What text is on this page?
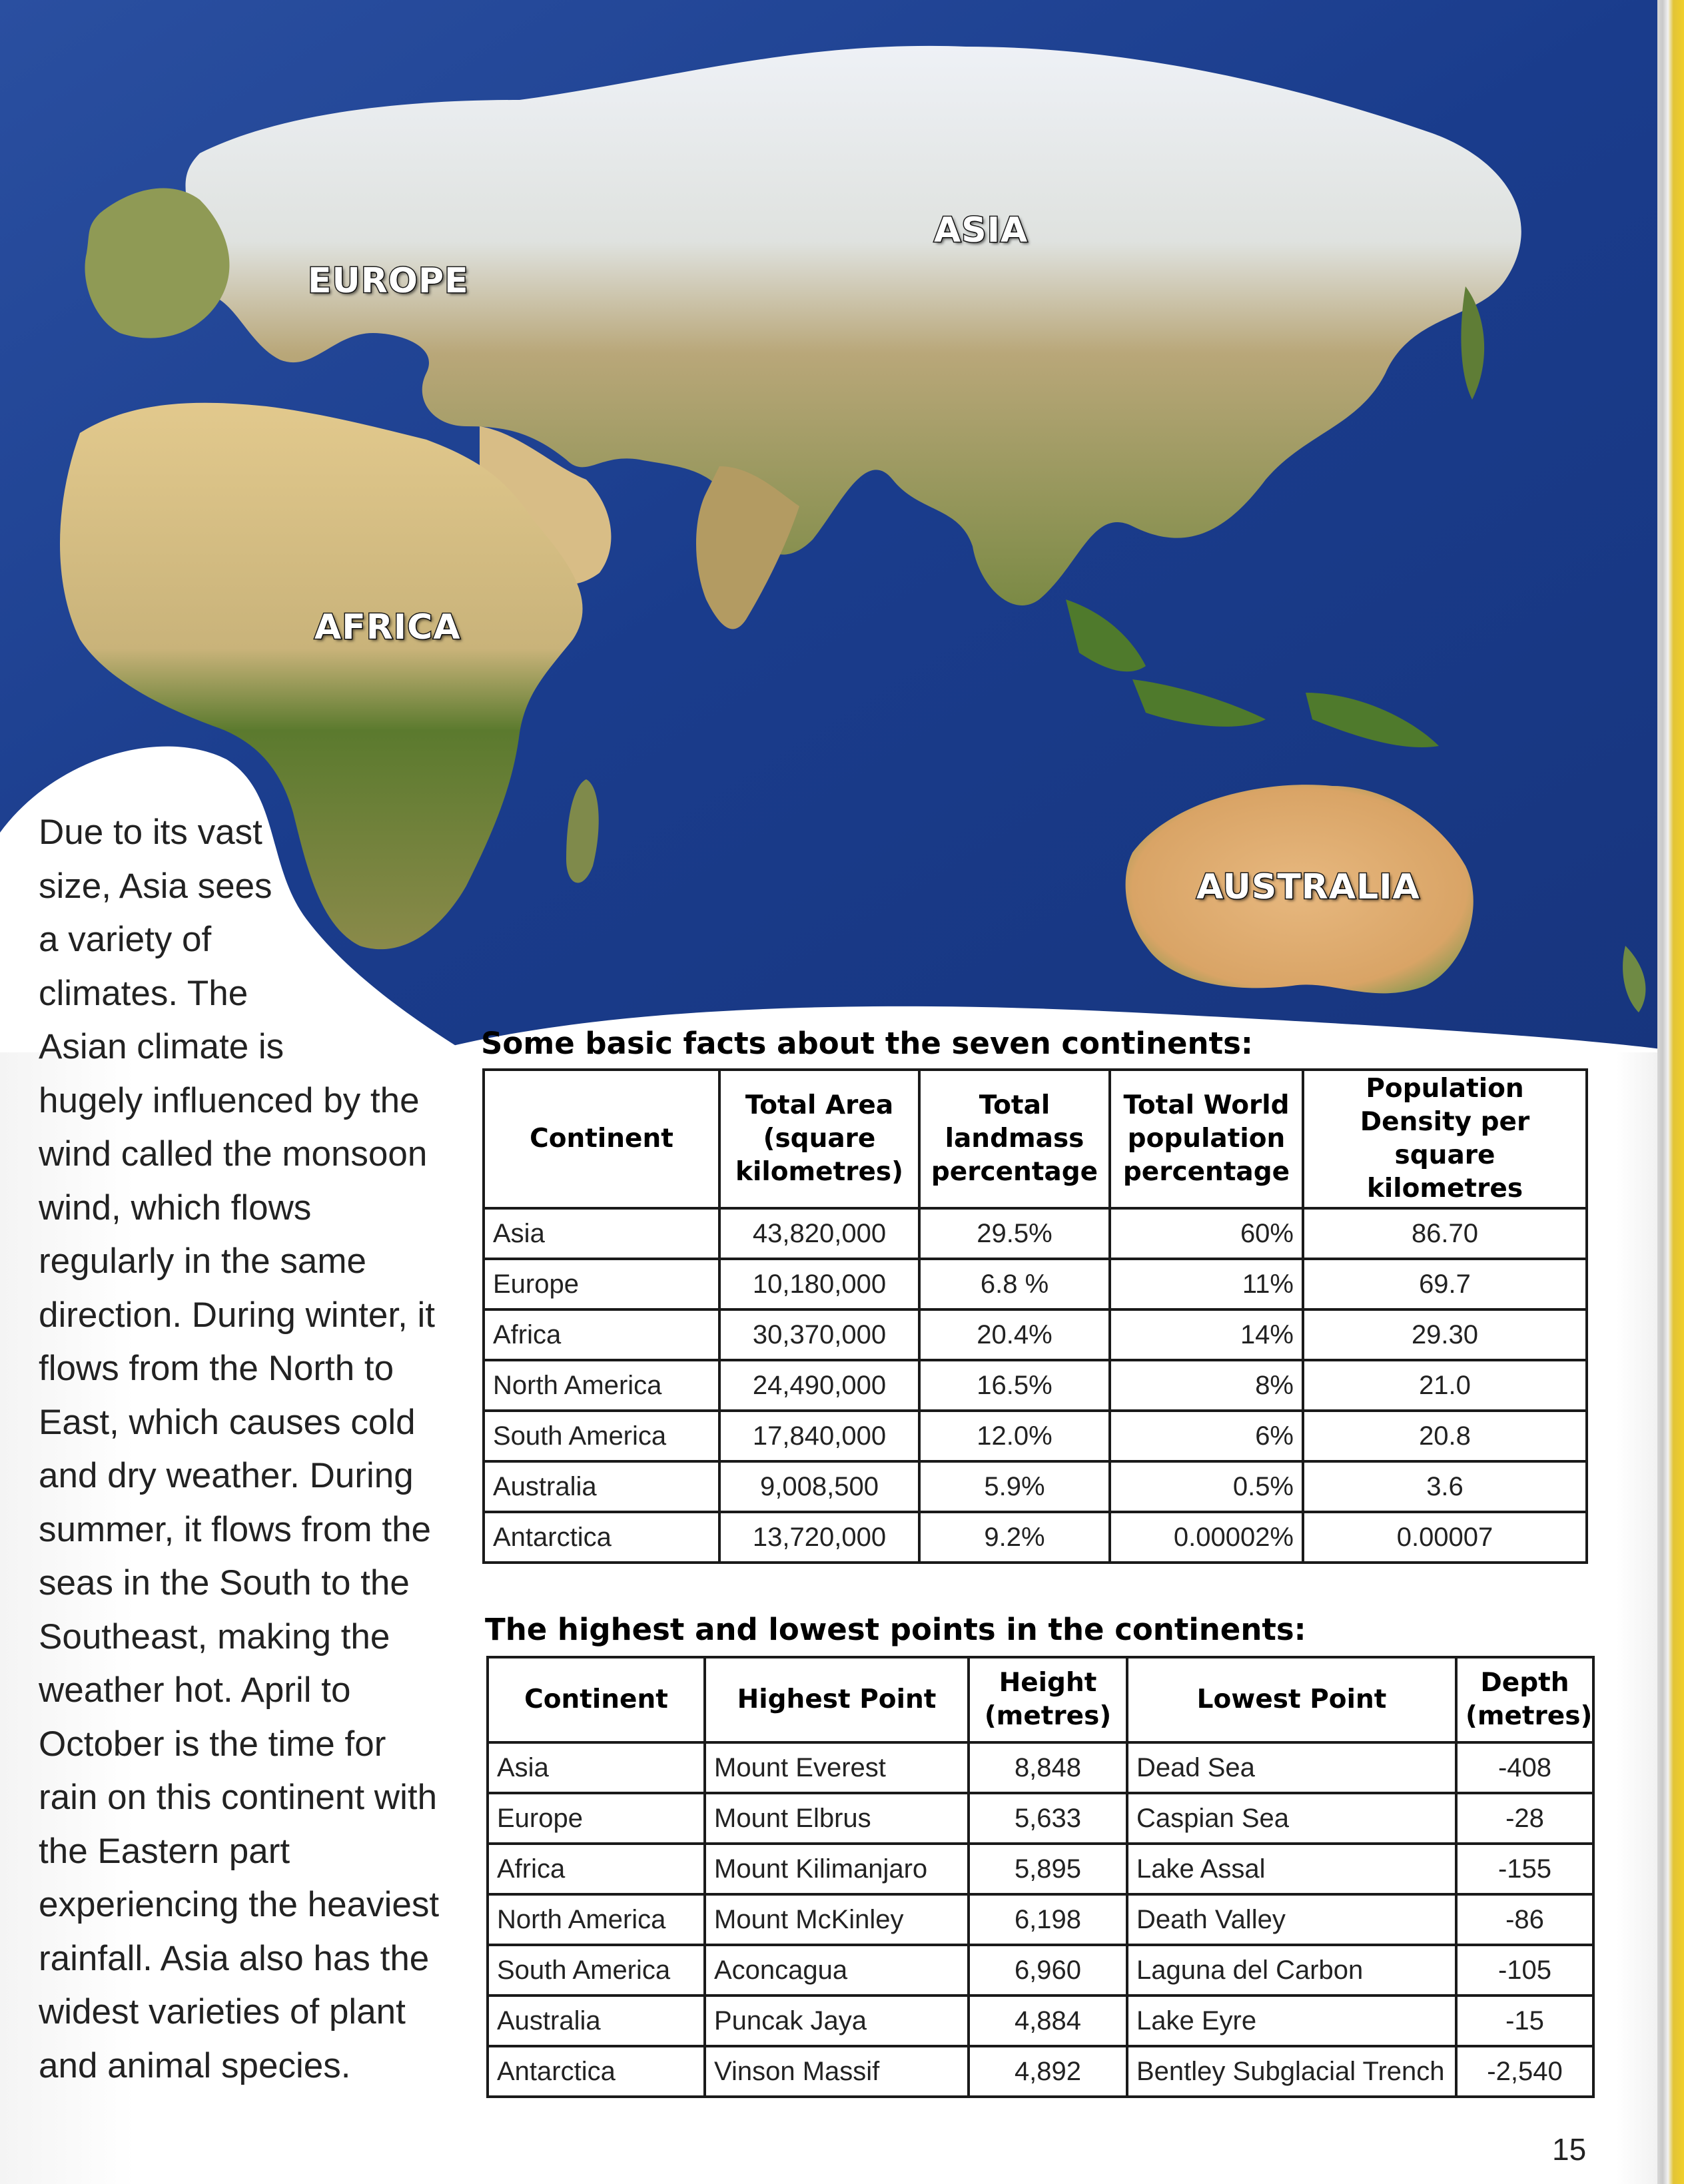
EUROPE
ASIA
AFRICA
AUSTRALIA
Due to its vast
size, Asia sees
a variety of
climates. The
Asian climate is
hugely influenced by the
wind called the monsoon
wind, which flows
regularly in the same
direction. During winter, it
flows from the North to
East, which causes cold
and dry weather. During
summer, it flows from the
seas in the South to the
Southeast, making the
weather hot. April to
October is the time for
rain on this continent with
the Eastern part
experiencing the heaviest
rainfall. Asia also has the
widest varieties of plant
and animal species.
Some basic facts about the seven continents:
Continent	Total Area (square kilometres)	Total landmass percentage	Total World population percentage	Population Density per square kilometres
Asia	43,820,000	29.5%	60%	86.70
Europe	10,180,000	6.8 %	11%	69.7
Africa	30,370,000	20.4%	14%	29.30
North America	24,490,000	16.5%	8%	21.0
South America	17,840,000	12.0%	6%	20.8
Australia	9,008,500	5.9%	0.5%	3.6
Antarctica	13,720,000	9.2%	0.00002%	0.00007
The highest and lowest points in the continents:
Continent	Highest Point	Height (metres)	Lowest Point	Depth (metres)
Asia	Mount Everest	8,848	Dead Sea	-408
Europe	Mount Elbrus	5,633	Caspian Sea	-28
Africa	Mount Kilimanjaro	5,895	Lake Assal	-155
North America	Mount McKinley	6,198	Death Valley	-86
South America	Aconcagua	6,960	Laguna del Carbon	-105
Australia	Puncak Jaya	4,884	Lake Eyre	-15
Antarctica	Vinson Massif	4,892	Bentley Subglacial Trench	-2,540
15
